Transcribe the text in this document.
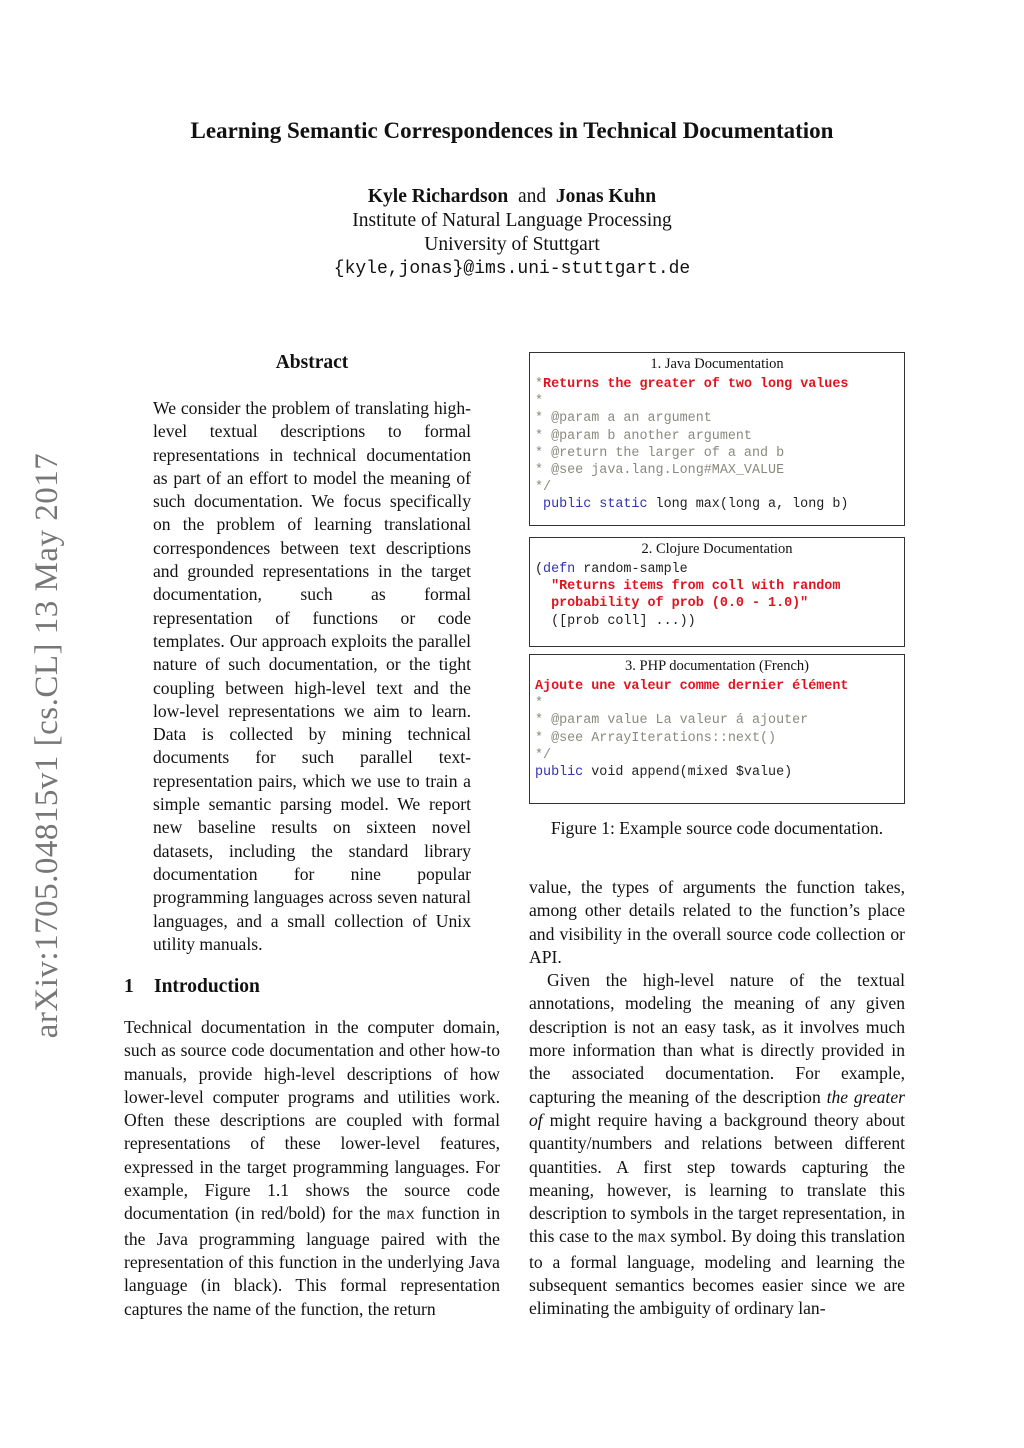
arXiv:1705.04815v1 [cs.CL] 13 May 2017
Learning Semantic Correspondences in Technical Documentation
Kyle Richardson and Jonas Kuhn
Institute of Natural Language Processing
University of Stuttgart
{kyle,jonas}@ims.uni-stuttgart.de
Abstract
We consider the problem of translating high-level textual descriptions to formal representations in technical documentation as part of an effort to model the meaning of such documentation. We focus specifically on the problem of learning translational correspondences between text descriptions and grounded representations in the target documentation, such as formal representation of functions or code templates. Our approach exploits the parallel nature of such documentation, or the tight coupling between high-level text and the low-level representations we aim to learn. Data is collected by mining technical documents for such parallel text-representation pairs, which we use to train a simple semantic parsing model. We report new baseline results on sixteen novel datasets, including the standard library documentation for nine popular programming languages across seven natural languages, and a small collection of Unix utility manuals.
1 Introduction
Technical documentation in the computer domain, such as source code documentation and other how-to manuals, provide high-level descriptions of how lower-level computer programs and utilities work. Often these descriptions are coupled with formal representations of these lower-level features, expressed in the target programming languages. For example, Figure 1.1 shows the source code documentation (in red/bold) for the max function in the Java programming language paired with the representation of this function in the underlying Java language (in black). This formal representation captures the name of the function, the return
1. Java Documentation
*Returns the greater of two long values
*
* @param a an argument
* @param b another argument
* @return the larger of a and b
* @see java.lang.Long#MAX_VALUE
*/
public static long max(long a, long b)
2. Clojure Documentation
(defn random-sample
"Returns items from coll with random
probability of prob (0.0 - 1.0)"
([prob coll] ...))
3. PHP documentation (French)
Ajoute une valeur comme dernier élément
*
* @param value La valeur á ajouter
* @see ArrayIterations::next()
*/
public void append(mixed $value)
Figure 1: Example source code documentation.

value, the types of arguments the function takes, among other details related to the function’s place and visibility in the overall source code collection or API.

Given the high-level nature of the textual annotations, modeling the meaning of any given description is not an easy task, as it involves much more information than what is directly provided in the associated documentation. For example, capturing the meaning of the description the greater of might require having a background theory about quantity/numbers and relations between different quantities. A first step towards capturing the meaning, however, is learning to translate this description to symbols in the target representation, in this case to the max symbol. By doing this translation to a formal language, modeling and learning the subsequent semantics becomes easier since we are eliminating the ambiguity of ordinary lan-
